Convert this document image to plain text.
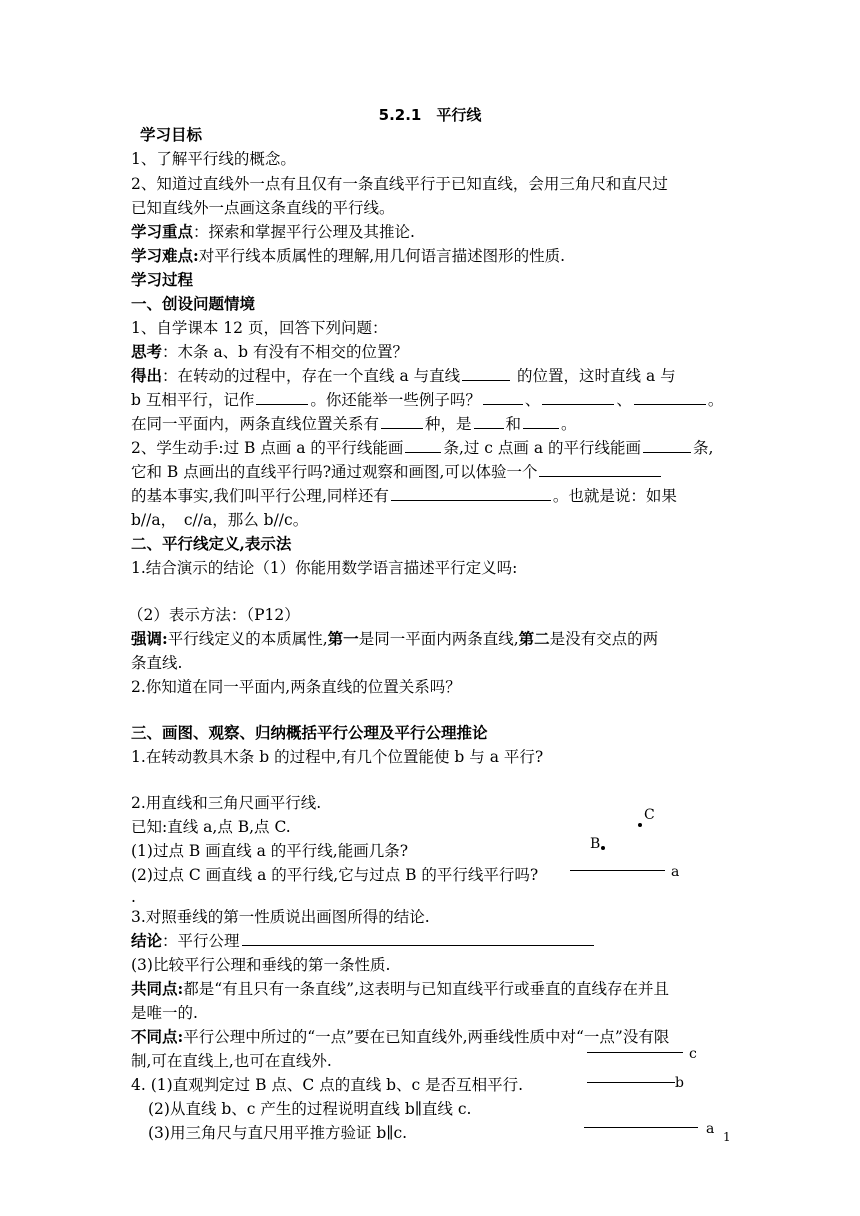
5.2.1　平行线
学习目标
1、了解平行线的概念。
2、知道过直线外一点有且仅有一条直线平行于已知直线，会用三角尺和直尺过
已知直线外一点画这条直线的平行线。
学习重点：探索和掌握平行公理及其推论.
学习难点:对平行线本质属性的理解,用几何语言描述图形的性质.
学习过程
一、创设问题情境
1、自学课本 12 页，回答下列问题：
思考：木条 a、b 有没有不相交的位置？
得出：在转动的过程中，存在一个直线 a 与直线	的位置，这时直线 a 与
b 互相平行，记作	。你还能举一些例子吗？	、	、	。
在同一平面内，两条直线位置关系有	种，是 和	。
2、学生动手:过 B 点画 a 的平行线能画	条,过 c 点画 a 的平行线能画	条,
它和 B 点画出的直线平行吗?通过观察和画图,可以体验一个
的基本事实,我们叫平行公理,同样还有	。也就是说：如果
b//a，　c//a，那么 b//c。
二、平行线定义,表示法
1.结合演示的结论（1）你能用数学语言描述平行定义吗:
（2）表示方法：（P12）
强调:平行线定义的本质属性,第一是同一平面内两条直线,第二是没有交点的两
条直线.
2.你知道在同一平面内,两条直线的位置关系吗？
三、画图、观察、归纳概括平行公理及平行公理推论
1.在转动教具木条 b 的过程中,有几个位置能使 b 与 a 平行?
2.用直线和三角尺画平行线.
已知:直线 a,点 B,点 C.
(1)过点 B 画直线 a 的平行线,能画几条?
(2)过点 C 画直线 a 的平行线,它与过点 B 的平行线平行吗?
.
3.对照垂线的第一性质说出画图所得的结论.
结论：平行公理
(3)比较平行公理和垂线的第一条性质.
共同点:都是“有且只有一条直线”,这表明与已知直线平行或垂直的直线存在并且
是唯一的.
不同点:平行公理中所过的“一点”要在已知直线外,两垂线性质中对“一点”没有限
制,可在直线上,也可在直线外.
4. (1)直观判定过 B 点、C 点的直线 b、c 是否互相平行.
(2)从直线 b、c 产生的过程说明直线 b∥直线 c.
(3)用三角尺与直尺用平推方验证 b∥c.
C
B
a
c
b
a 1
